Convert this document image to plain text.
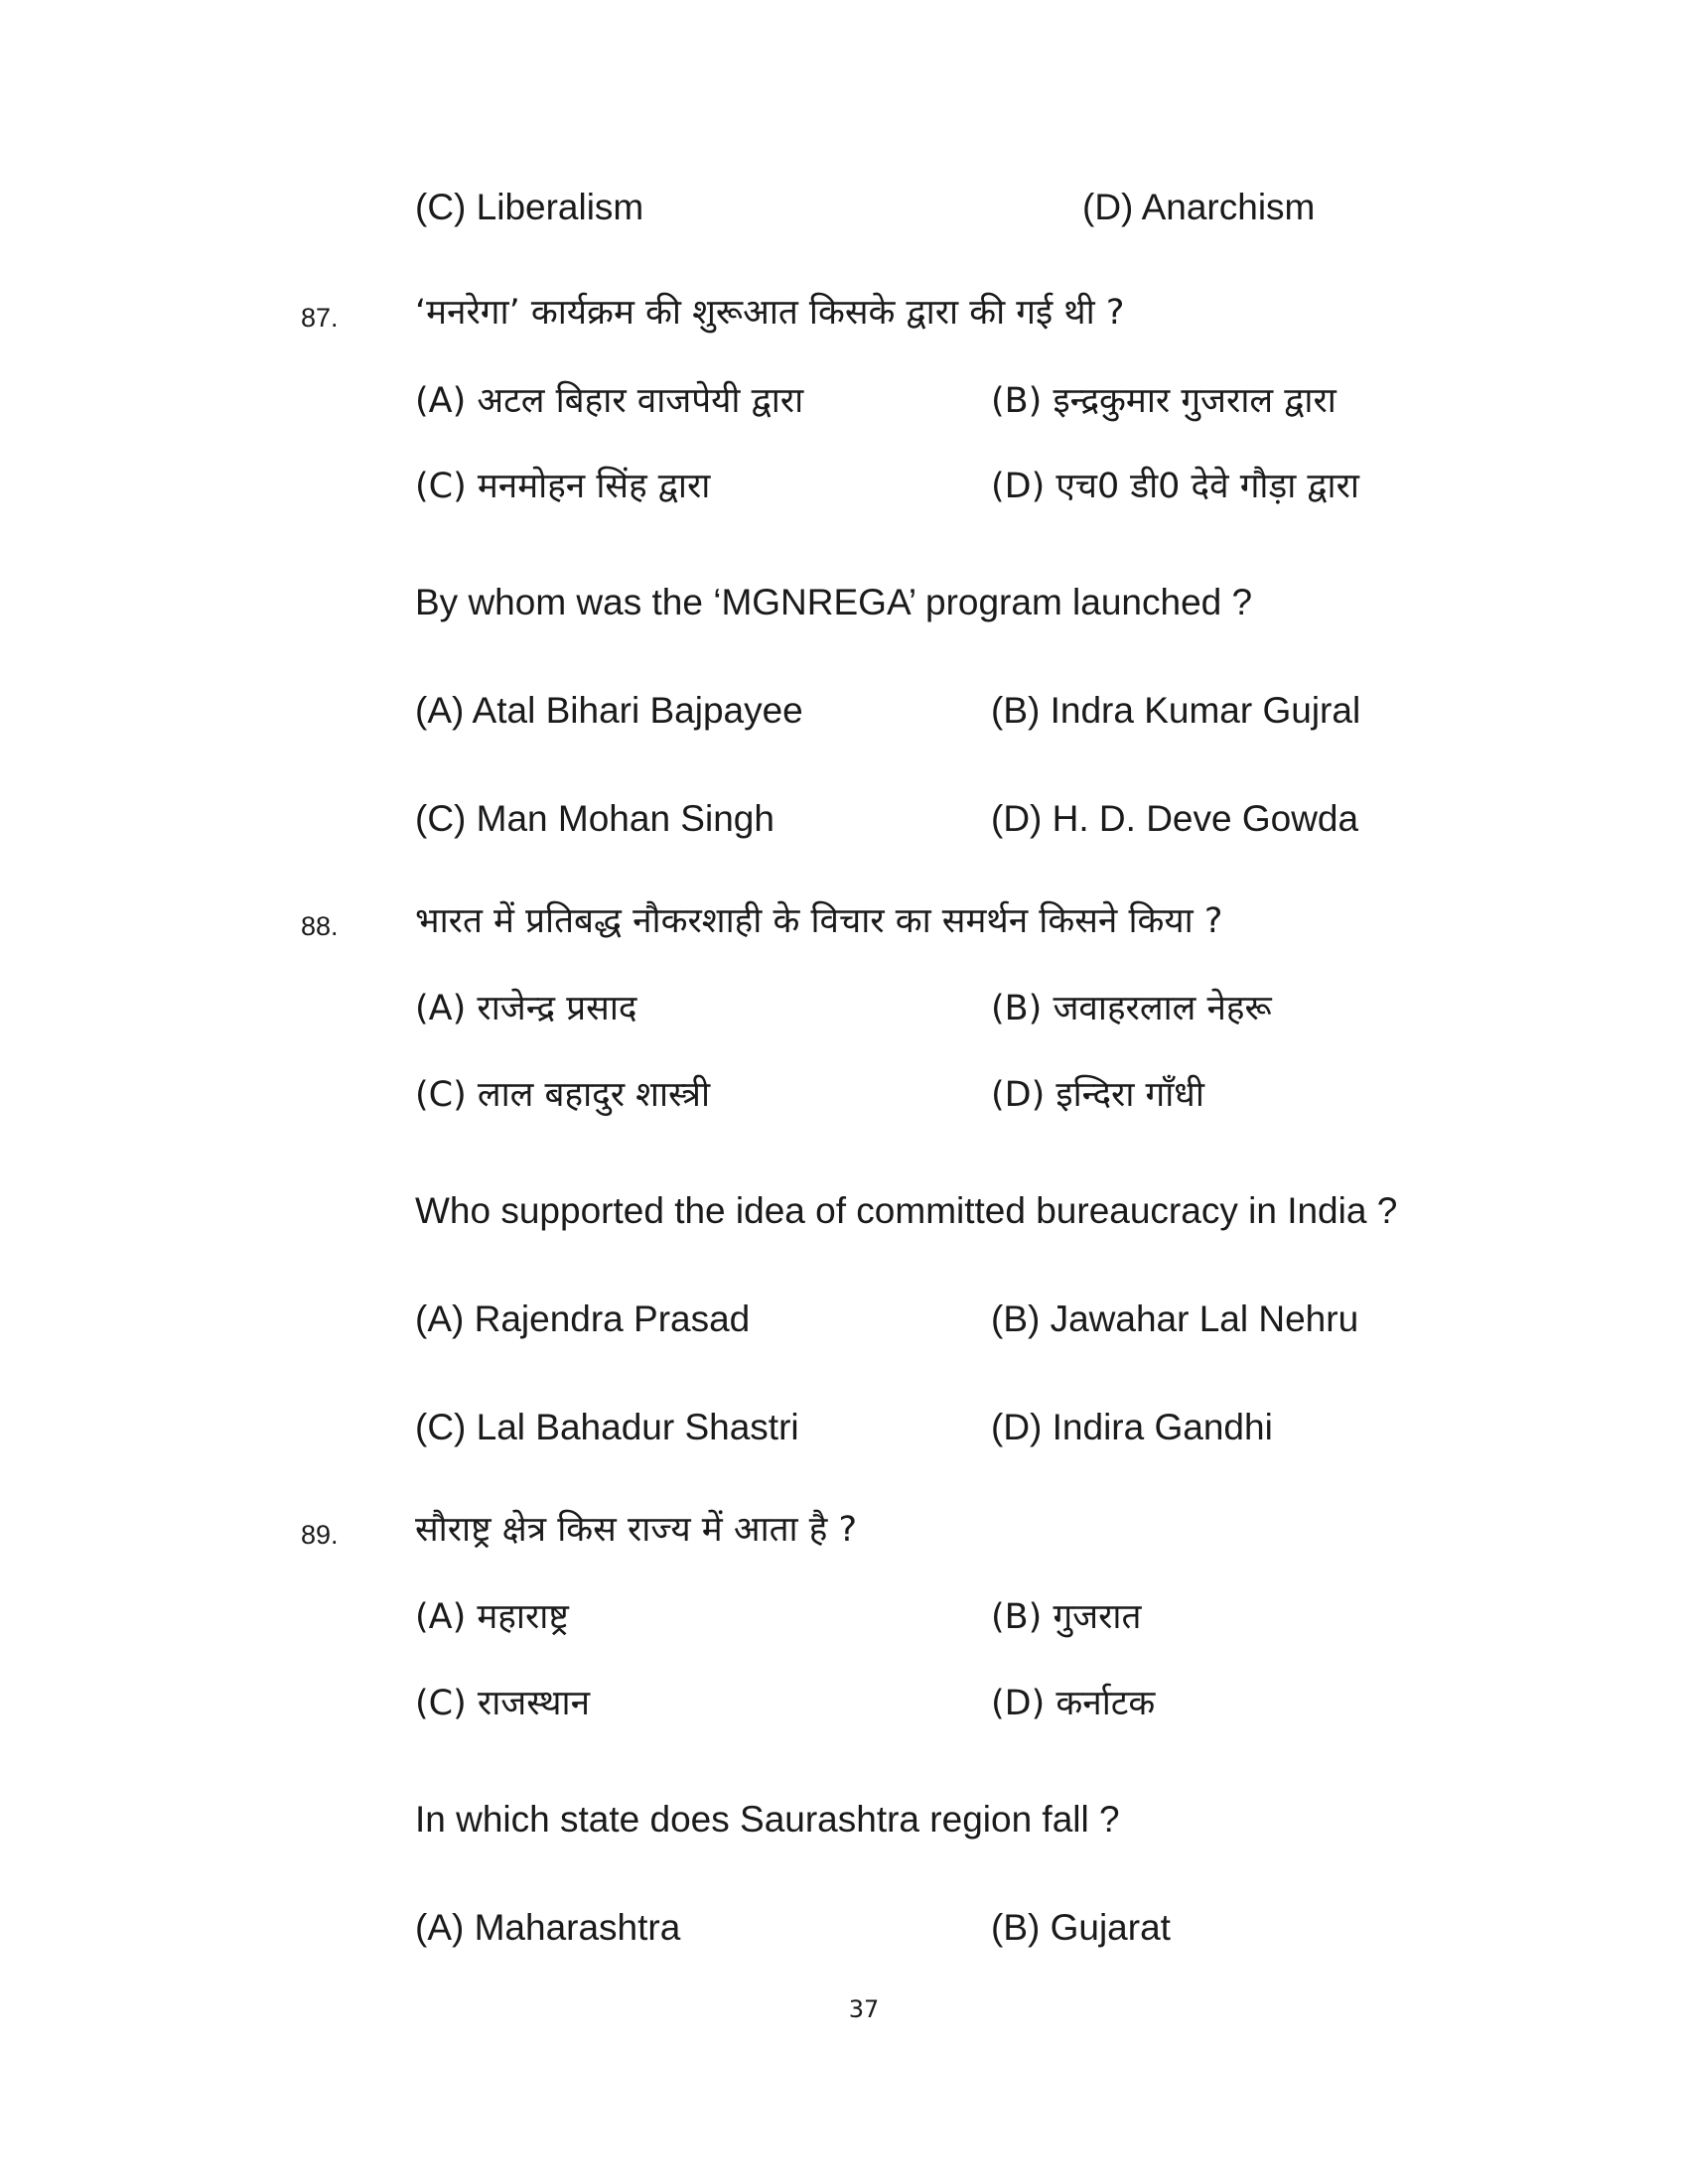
(C) Liberalism	(D) Anarchism
87. ‘मनरेगा’ कार्यक्रम की शुरूआत किसके द्वारा की गई थी ?
(A) अटल बिहार वाजपेयी द्वारा	(B) इन्द्रकुमार गुजराल द्वारा
(C) मनमोहन सिंह द्वारा	(D) एच0 डी0 देवे गौड़ा द्वारा
By whom was the ‘MGNREGA’ program launched ?
(A) Atal Bihari Bajpayee	(B) Indra Kumar Gujral
(C) Man Mohan Singh	(D) H. D. Deve Gowda
88. भारत में प्रतिबद्ध नौकरशाही के विचार का समर्थन किसने किया ?
(A) राजेन्द्र प्रसाद	(B) जवाहरलाल नेहरू
(C) लाल बहादुर शास्त्री	(D) इन्दिरा गाँधी
Who supported the idea of committed bureaucracy in India ?
(A) Rajendra Prasad	(B) Jawahar Lal Nehru
(C) Lal Bahadur Shastri	(D) Indira Gandhi
89. सौराष्ट्र क्षेत्र किस राज्य में आता है ?
(A) महाराष्ट्र	(B) गुजरात
(C) राजस्थान	(D) कर्नाटक
In which state does Saurashtra region fall ?
(A) Maharashtra	(B) Gujarat
37
